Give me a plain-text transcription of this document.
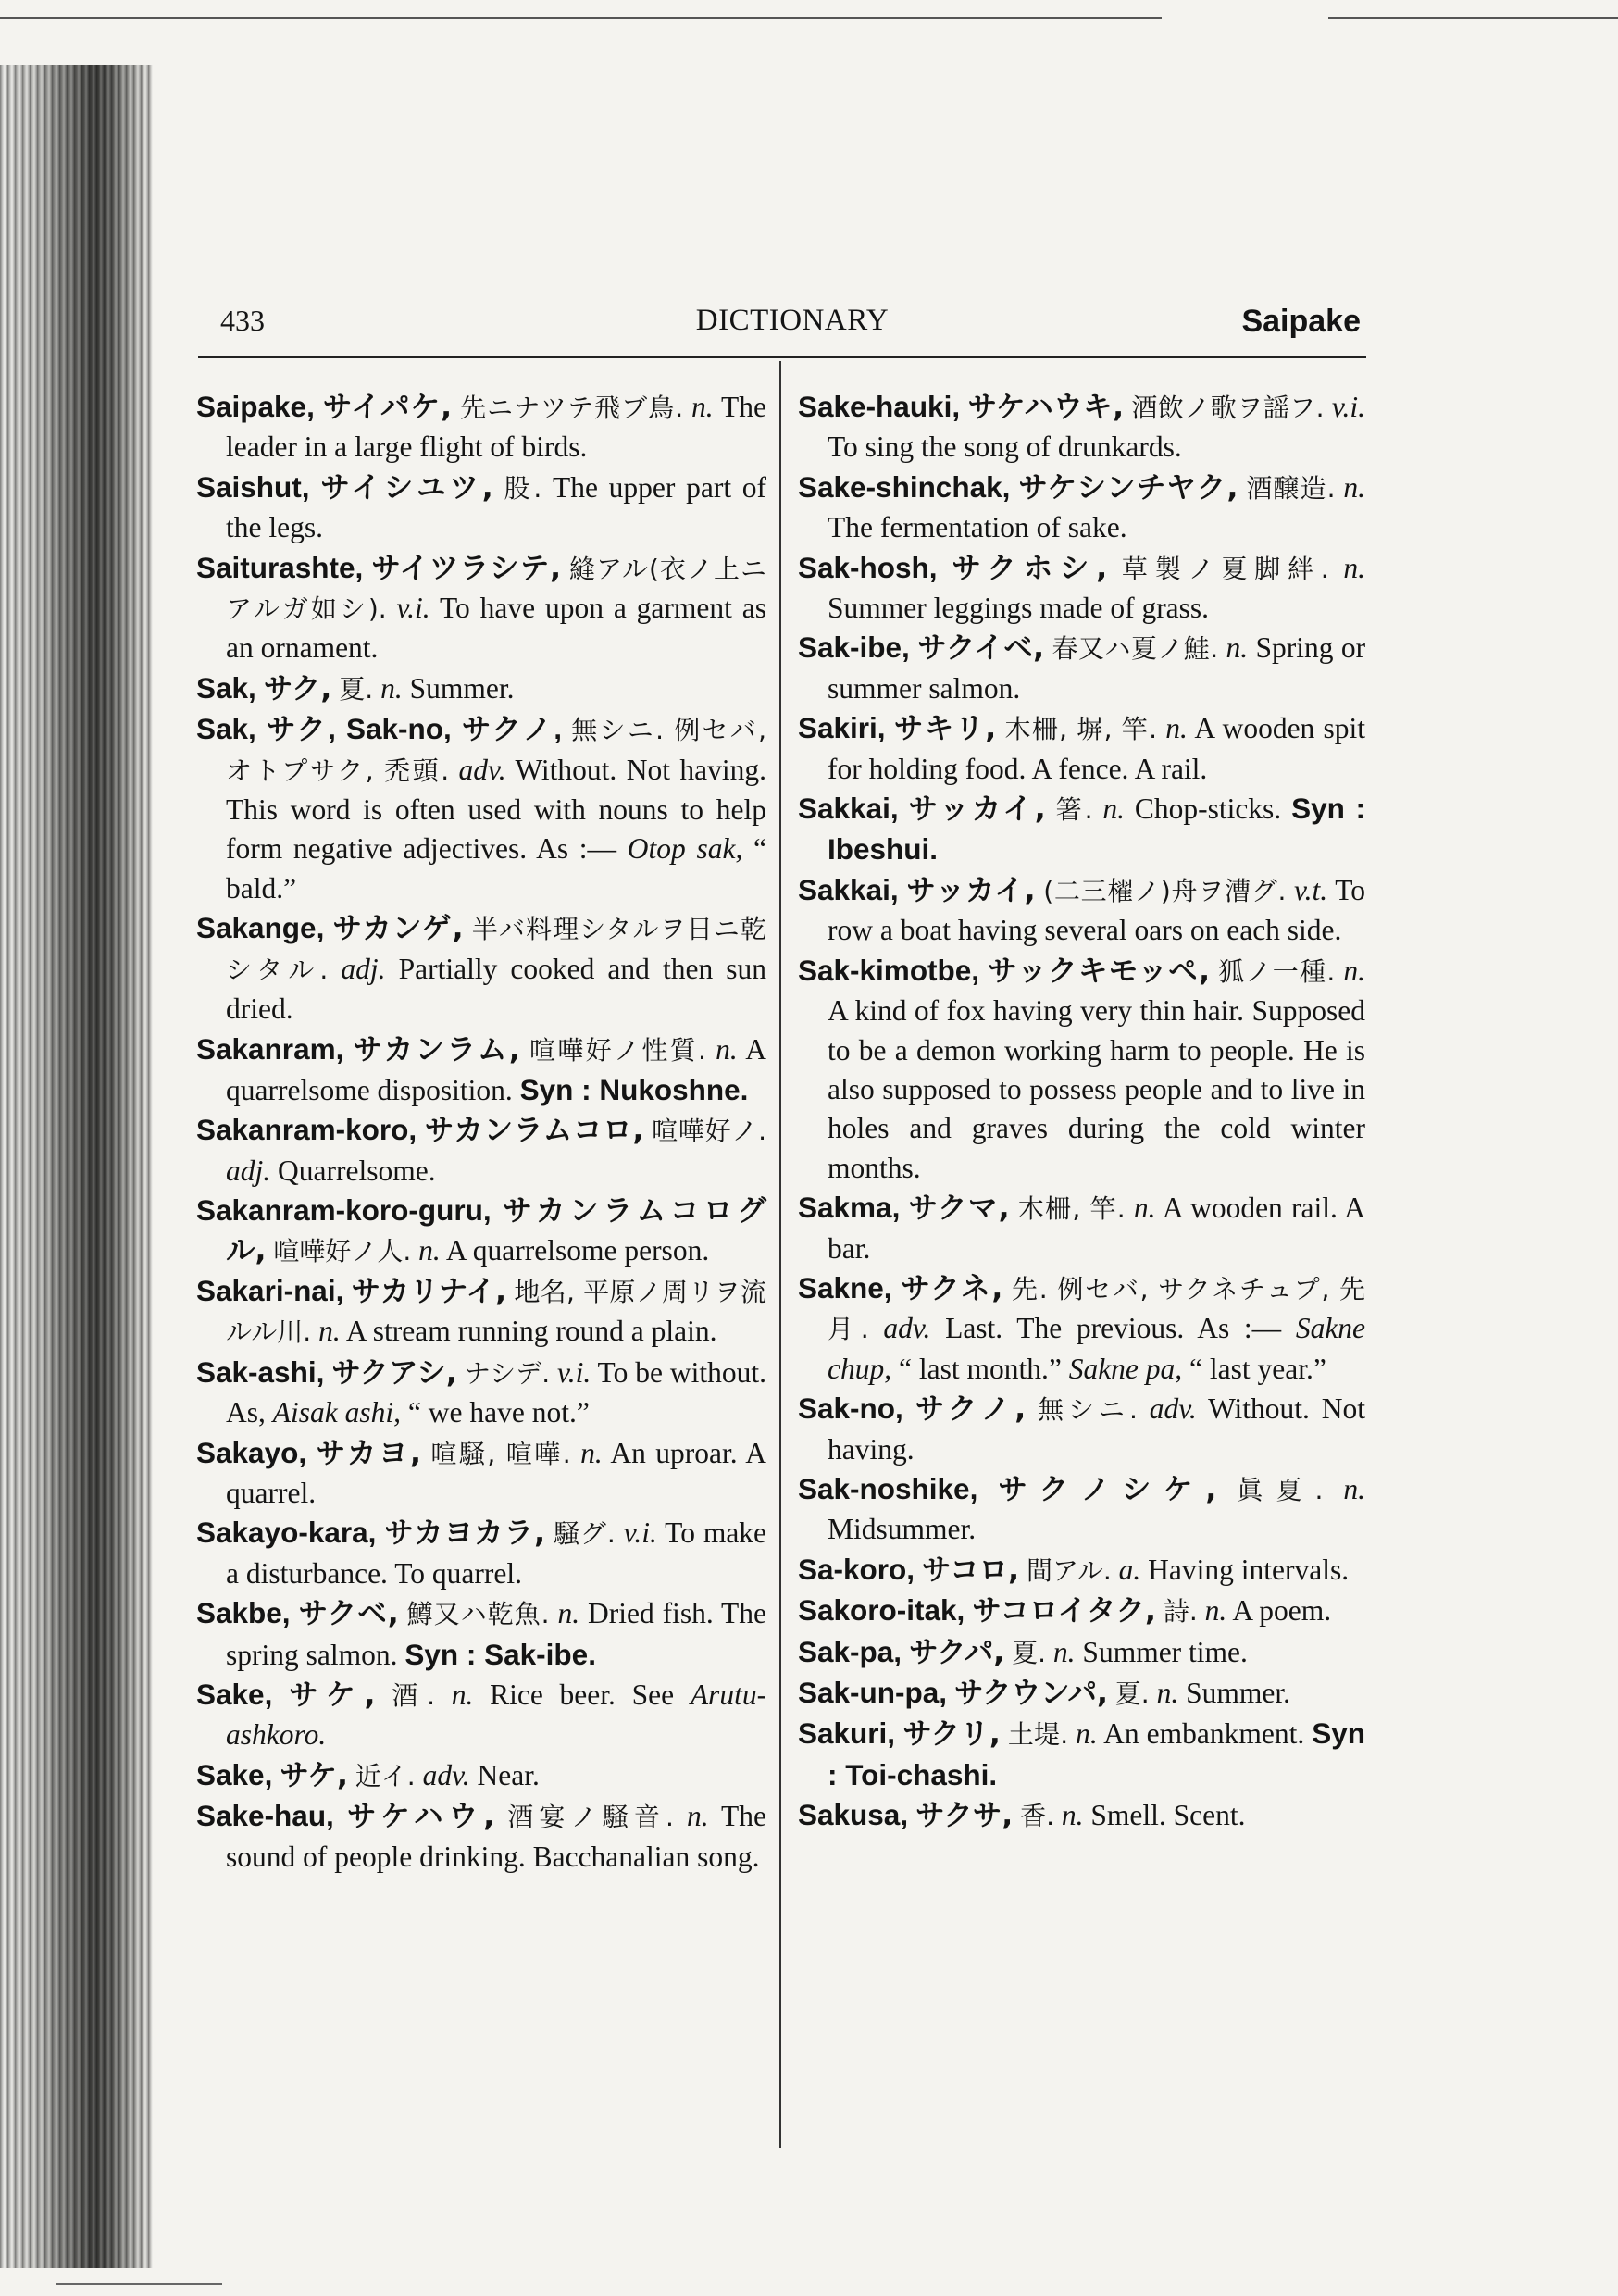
433	DICTIONARY	Saipake

Saipake, サイパケ, 先ニナツテ飛ブ鳥. n. The leader in a large flight of birds.

Saishut, サイシユツ, 股. The upper part of the legs.

Saiturashte, サイツラシテ, 縫アル(衣ノ上ニアルガ如シ). v.i. To have upon a garment as an ornament.

Sak, サク, 夏. n. Summer.

Sak, サク, Sak-no, サクノ, 無シニ. 例セバ, オトプサク, 禿頭. adv. Without. Not having. This word is often used with nouns to help form negative adjectives. As :— Otop sak, “ bald.”

Sakange, サカンゲ, 半バ料理シタルヲ日ニ乾シタル. adj. Partially cooked and then sun dried.

Sakanram, サカンラム, 喧嘩好ノ性質. n. A quarrelsome disposition. Syn : Nukoshne.

Sakanram-koro, サカンラムコロ, 喧嘩好ノ. adj. Quarrelsome.

Sakanram-koro-guru, サカンラムコログル, 喧嘩好ノ人. n. A quarrelsome person.

Sakari-nai, サカリナイ, 地名, 平原ノ周リヲ流ルル川. n. A stream running round a plain.

Sak-ashi, サクアシ, ナシデ. v.i. To be without. As, Aisak ashi, “ we have not.”

Sakayo, サカヨ, 喧騒, 喧嘩. n. An uproar. A quarrel.

Sakayo-kara, サカヨカラ, 騒グ. v.i. To make a disturbance. To quarrel.

Sakbe, サクベ, 鱒又ハ乾魚. n. Dried fish. The spring salmon. Syn : Sak-ibe.

Sake, サケ, 酒. n. Rice beer. See Arutu-ashkoro.

Sake, サケ, 近イ. adv. Near.

Sake-hau, サケハウ, 酒宴ノ騒音. n. The sound of people drinking. Bacchanalian song.

Sake-hauki, サケハウキ, 酒飲ノ歌ヲ謡フ. v.i. To sing the song of drunkards.

Sake-shinchak, サケシンチヤク, 酒醸造. n. The fermentation of sake.

Sak-hosh, サクホシ, 草製ノ夏脚絆. n. Summer leggings made of grass.

Sak-ibe, サクイベ, 春又ハ夏ノ鮭. n. Spring or summer salmon.

Sakiri, サキリ, 木柵, 塀, 竿. n. A wooden spit for holding food. A fence. A rail.

Sakkai, サッカイ, 箸. n. Chop-sticks. Syn : Ibeshui.

Sakkai, サッカイ, (二三櫂ノ)舟ヲ漕グ. v.t. To row a boat having several oars on each side.

Sak-kimotbe, サックキモッペ, 狐ノ一種. n. A kind of fox having very thin hair. Supposed to be a demon working harm to people. He is also supposed to possess people and to live in holes and graves during the cold winter months.

Sakma, サクマ, 木柵, 竿. n. A wooden rail. A bar.

Sakne, サクネ, 先. 例セバ, サクネチュプ, 先月. adv. Last. The previous. As :— Sakne chup, “ last month.” Sakne pa, “ last year.”

Sak-no, サクノ, 無シニ. adv. Without. Not having.

Sak-noshike, サクノシケ, 眞夏. n. Midsummer.

Sa-koro, サコロ, 間アル. a. Having intervals.

Sakoro-itak, サコロイタク, 詩. n. A poem.

Sak-pa, サクパ, 夏. n. Summer time.

Sak-un-pa, サクウンパ, 夏. n. Summer.

Sakuri, サクリ, 土堤. n. An embankment. Syn : Toi-chashi.

Sakusa, サクサ, 香. n. Smell. Scent.
